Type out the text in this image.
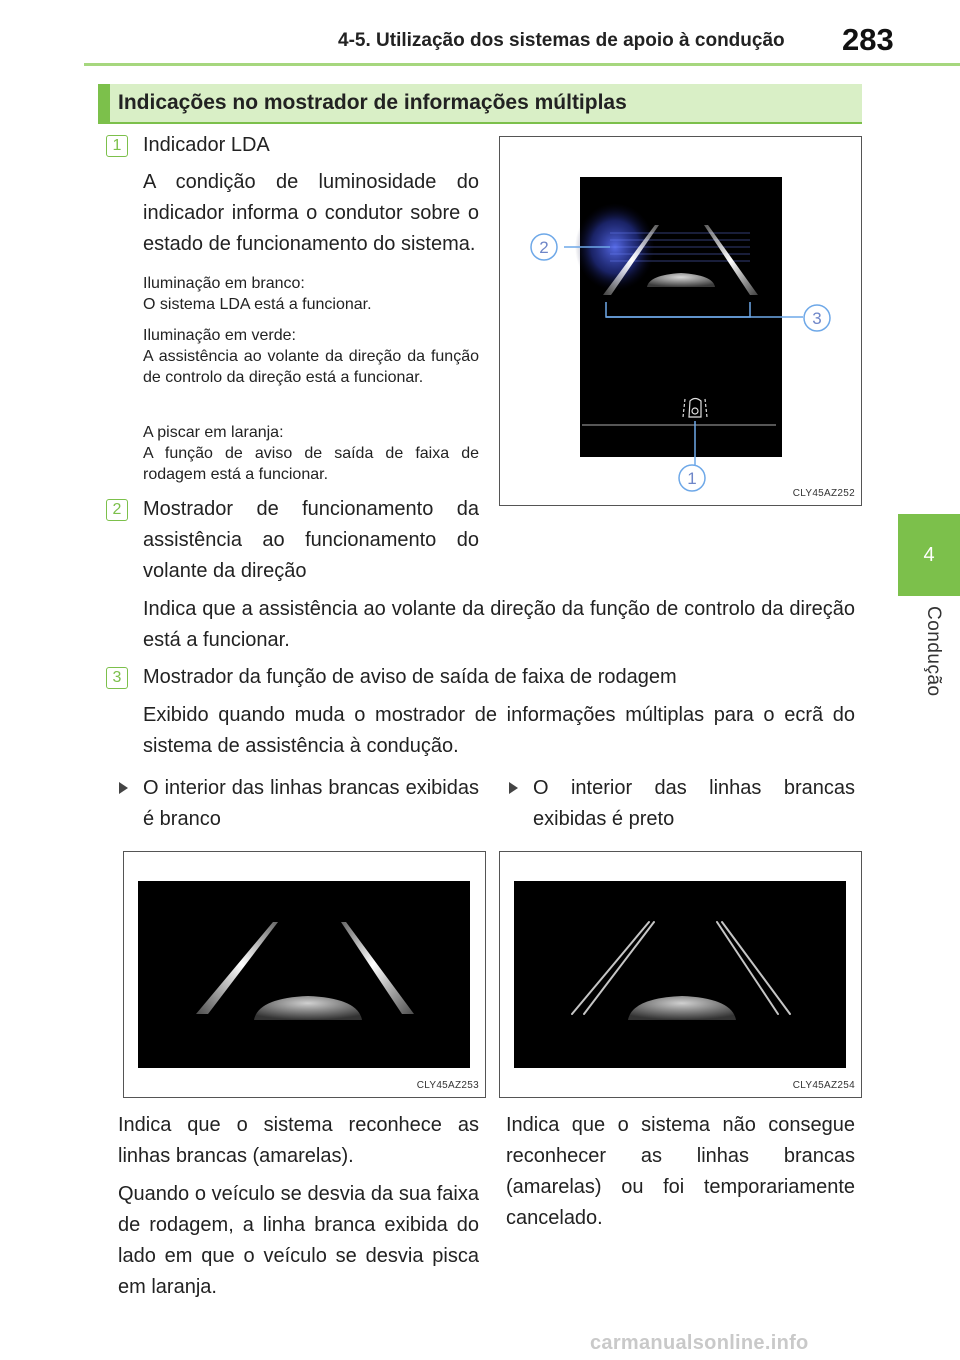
4-5. Utilização dos sistemas de apoio à condução 283
4
Condução
Indicações no mostrador de informações múltiplas
1	Indicador LDA
A condição de luminosidade do indicador informa o condutor sobre o estado de funcionamento do sistema.
Iluminação em branco:
O sistema LDA está a funcionar.
Iluminação em verde:
A assistência ao volante da direção da função de controlo da direção está a funcionar.
A piscar em laranja:
A função de aviso de saída de faixa de rodagem está a funcionar.
2
3
1
CLY45AZ252
2	Mostrador de funcionamento da assistência ao funcionamento do volante da direção
Indica que a assistência ao volante da direção da função de controlo da direção está a funcionar.
3	Mostrador da função de aviso de saída de faixa de rodagem
Exibido quando muda o mostrador de informações múltiplas para o ecrã do sistema de assistência à condução.
O interior das linhas brancas exibidas é branco
O interior das linhas brancas exibidas é preto
CLY45AZ253	CLY45AZ254
Indica que o sistema reconhece as linhas brancas (amarelas).
Quando o veículo se desvia da sua faixa de rodagem, a linha branca exibida do lado em que o veículo se desvia pisca em laranja.
Indica que o sistema não consegue reconhecer as linhas brancas (amarelas) ou foi temporariamente cancelado.
carmanualsonline.info
